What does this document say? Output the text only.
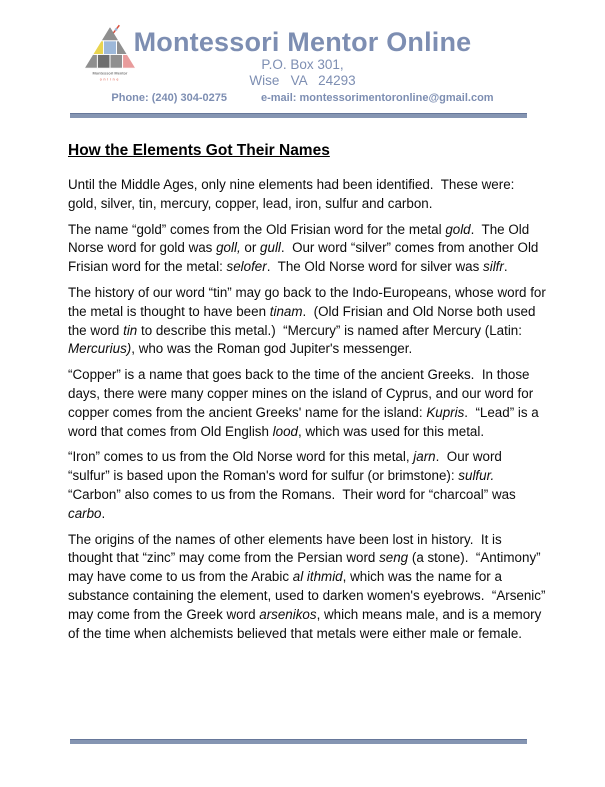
Montessori Mentor
online
Montessori Mentor Online
P.O. Box 301,
Wise   VA   24293
Phone: (240) 304-0275	e-mail: montessorimentoronline@gmail.com
How the Elements Got Their Names

Until the Middle Ages, only nine elements had been identified.  These were: gold, silver, tin, mercury, copper, lead, iron, sulfur and carbon.

The name “gold” comes from the Old Frisian word for the metal gold.  The Old Norse word for gold was goll, or gull.  Our word “silver” comes from another Old Frisian word for the metal: selofer.  The Old Norse word for silver was silfr.

The history of our word “tin” may go back to the Indo-Europeans, whose word for the metal is thought to have been tinam.  (Old Frisian and Old Norse both used the word tin to describe this metal.)  “Mercury” is named after Mercury (Latin: Mercurius), who was the Roman god Jupiter's messenger.

“Copper” is a name that goes back to the time of the ancient Greeks.  In those days, there were many copper mines on the island of Cyprus, and our word for copper comes from the ancient Greeks' name for the island: Kupris.  “Lead” is a word that comes from Old English lood, which was used for this metal.

“Iron” comes to us from the Old Norse word for this metal, jarn.  Our word “sulfur” is based upon the Roman's word for sulfur (or brimstone): sulfur.  “Carbon” also comes to us from the Romans.  Their word for “charcoal” was carbo.

The origins of the names of other elements have been lost in history.  It is thought that “zinc” may come from the Persian word seng (a stone).  “Antimony” may have come to us from the Arabic al ithmid, which was the name for a substance containing the element, used to darken women's eyebrows.  “Arsenic” may come from the Greek word arsenikos, which means male, and is a memory of the time when alchemists believed that metals were either male or female.
